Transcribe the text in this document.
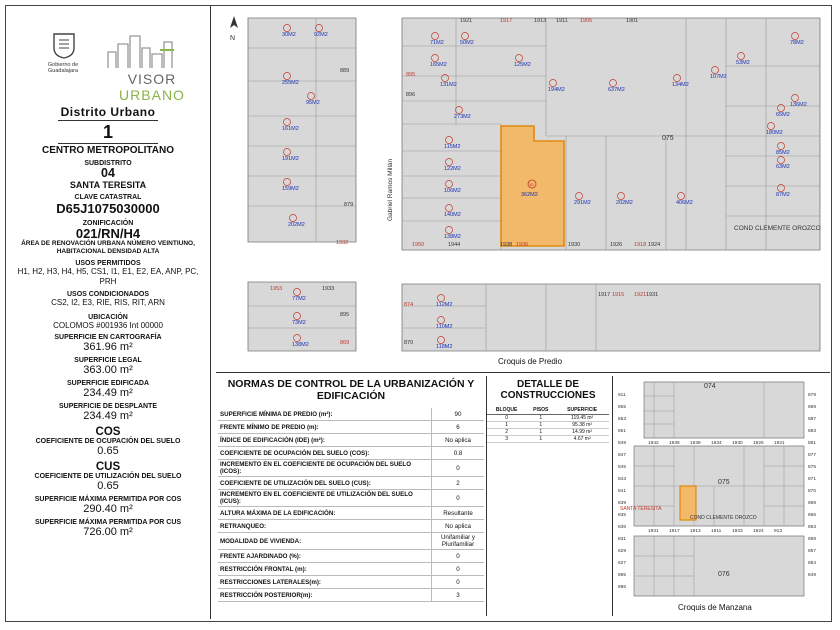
Gobierno de Guadalajara	VISOR URBANO
Distrito Urbano
1
CENTRO METROPOLITANO
SUBDISTRITO
04
SANTA TERESITA
CLAVE CATASTRAL
D65J1075030000
ZONIFICACIÓN
021/RN/H4
ÁREA DE RENOVACIÓN URBANA NÚMERO VEINTIUNO, HABITACIONAL DENSIDAD ALTA
USOS PERMITIDOS
H1, H2, H3, H4, H5, CS1, I1, E1, E2, EA, ANP, PC, PRH
USOS CONDICIONADOS
CS2, I2, E3, RIE, RIS, RIT, ARN
UBICACIÓN
COLOMOS #001936 Int 00000
SUPERFICIE EN CARTOGRAFÍA
361.96 m²
SUPERFICIE LEGAL
363.00 m²
SUPERFICIE EDIFICADA
234.49 m²
SUPERFICIE DE DESPLANTE
234.49 m²
COS
COEFICIENTE DE OCUPACIÓN DEL SUELO
0.65
CUS
COEFICIENTE DE UTILIZACIÓN DEL SUELO
0.65
SUPERFICIE MÁXIMA PERMITIDA POR COS
290.40 m²
SUPERFICIE MÁXIMA PERMITIDA POR CUS
726.00 m²
N
075
COND CLEMENTE OROZCO
Gabriel Ramos Millán
30M2	92M2
255M2
95M2
161M2
191M2
159M2
202M2
71M2	50M2
165M2	125M2
131M2
194M2	637M2
273M2
115M2
122M2
106M2
140M2
138M2
291M2	202M2	406M2
134M2
107M2
53M2
78M2
65M2
136M2
180M2
85M2
63M2
87M2
1950	1944	1938 1936	1930	1926 1918 1924
1921	1917	1913 1911 1905	1901
889
895
896
879
1932
77M2
73M2
138M2
112M2
110M2
118M2
1933
1921
1917 1915	1931
1953
895
874
870
869
30
362M2
Croquis de Predio
NORMAS DE CONTROL DE LA URBANIZACIÓN Y EDIFICACIÓN
SUPERFICIE MÍNIMA DE PREDIO (m²):	90
FRENTE MÍNIMO DE PREDIO (m):	6
ÍNDICE DE EDIFICACIÓN (IDE) (m²):	No aplica
COEFICIENTE DE OCUPACIÓN DEL SUELO (COS):	0.8
INCREMENTO EN EL COEFICIENTE DE OCUPACIÓN DEL SUELO (ICOS):	0
COEFICIENTE DE UTILIZACIÓN DEL SUELO (CUS):	2
INCREMENTO EN EL COEFICIENTE DE UTILIZACIÓN DEL SUELO (ICUS):	0
ALTURA MÁXIMA DE LA EDIFICACIÓN:	Resultante
RETRANQUEO:	No aplica
MODALIDAD DE VIVIENDA:	Unifamiliar y Plurifamiliar
FRENTE AJARDINADO (%):	0
RESTRICCIÓN FRONTAL (m):	0
RESTRICCIONES LATERALES(m):	0
RESTRICCIÓN POSTERIOR(m):	3
DETALLE DE CONSTRUCCIONES
BLOQUE	PISOS	SUPERFICIE
0	1	119.45 m²
1	1	95.38 m²
2	1	14.99 m²
3	1	4.67 m²
074
075
076
SANTA TERESITA
COND CLEMENTE OROZCO
1942 1936 1938 1934 1930 1926 1921
1931 1917 1913 1911 1933 1924 913
911
855
853
851
849
847
845
843
841
839
835
836
831
829
827
895
896
879
889
887
883
881
877
875
871
870
869
866
863
859
857
854
849
Croquis de Manzana
